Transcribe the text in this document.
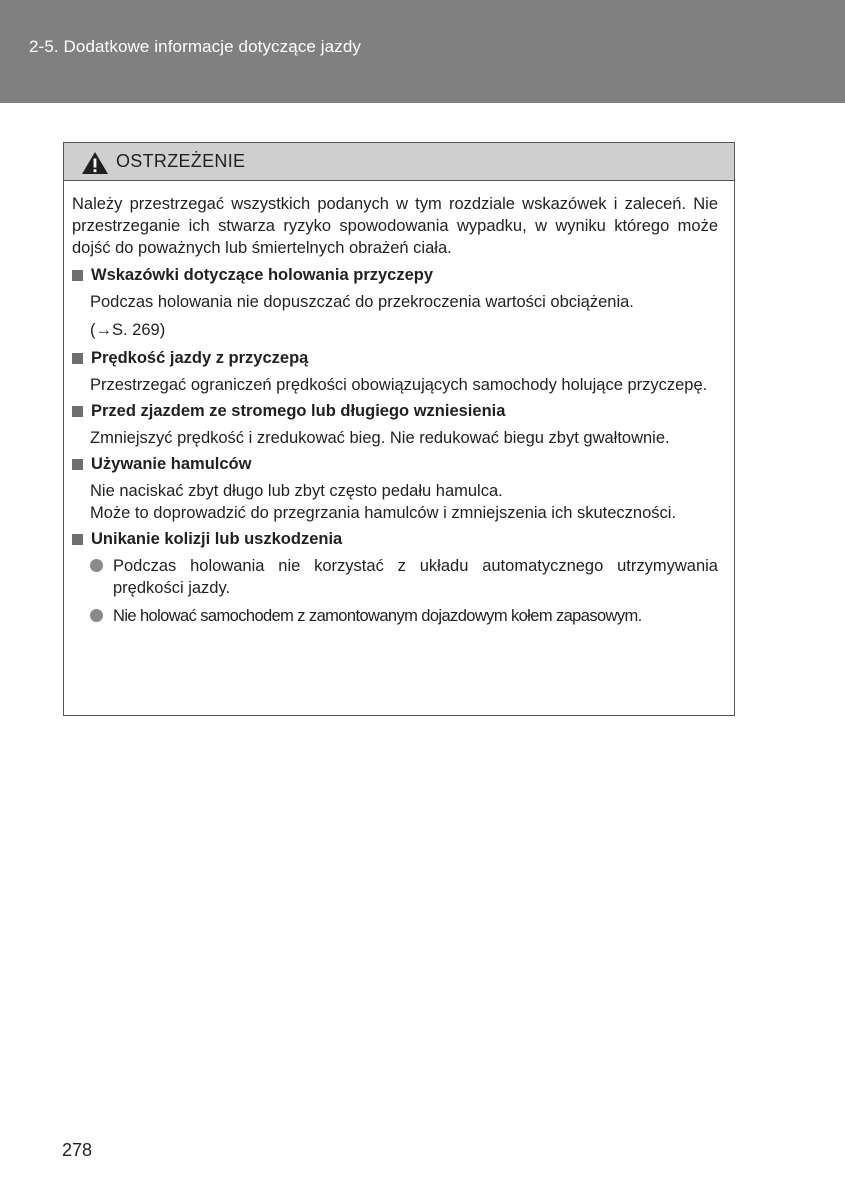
2-5. Dodatkowe informacje dotyczące jazdy
OSTRZEŻENIE

Należy przestrzegać wszystkich podanych w tym rozdziale wskazówek i zaleceń. Nie przestrzeganie ich stwarza ryzyko spowodowania wypadku, w wyniku którego może dojść do poważnych lub śmiertelnych obrażeń ciała.

Wskazówki dotyczące holowania przyczepy
Podczas holowania nie dopuszczać do przekroczenia wartości obciążenia.
(→S. 269)
Prędkość jazdy z przyczepą
Przestrzegać ograniczeń prędkości obowiązujących samochody holujące przyczepę.
Przed zjazdem ze stromego lub długiego wzniesienia
Zmniejszyć prędkość i zredukować bieg. Nie redukować biegu zbyt gwałtownie.
Używanie hamulców
Nie naciskać zbyt długo lub zbyt często pedału hamulca.
Może to doprowadzić do przegrzania hamulców i zmniejszenia ich skuteczności.
Unikanie kolizji lub uszkodzenia
Podczas holowania nie korzystać z układu automatycznego utrzymywania prędkości jazdy.
Nie holować samochodem z zamontowanym dojazdowym kołem zapasowym.
278
